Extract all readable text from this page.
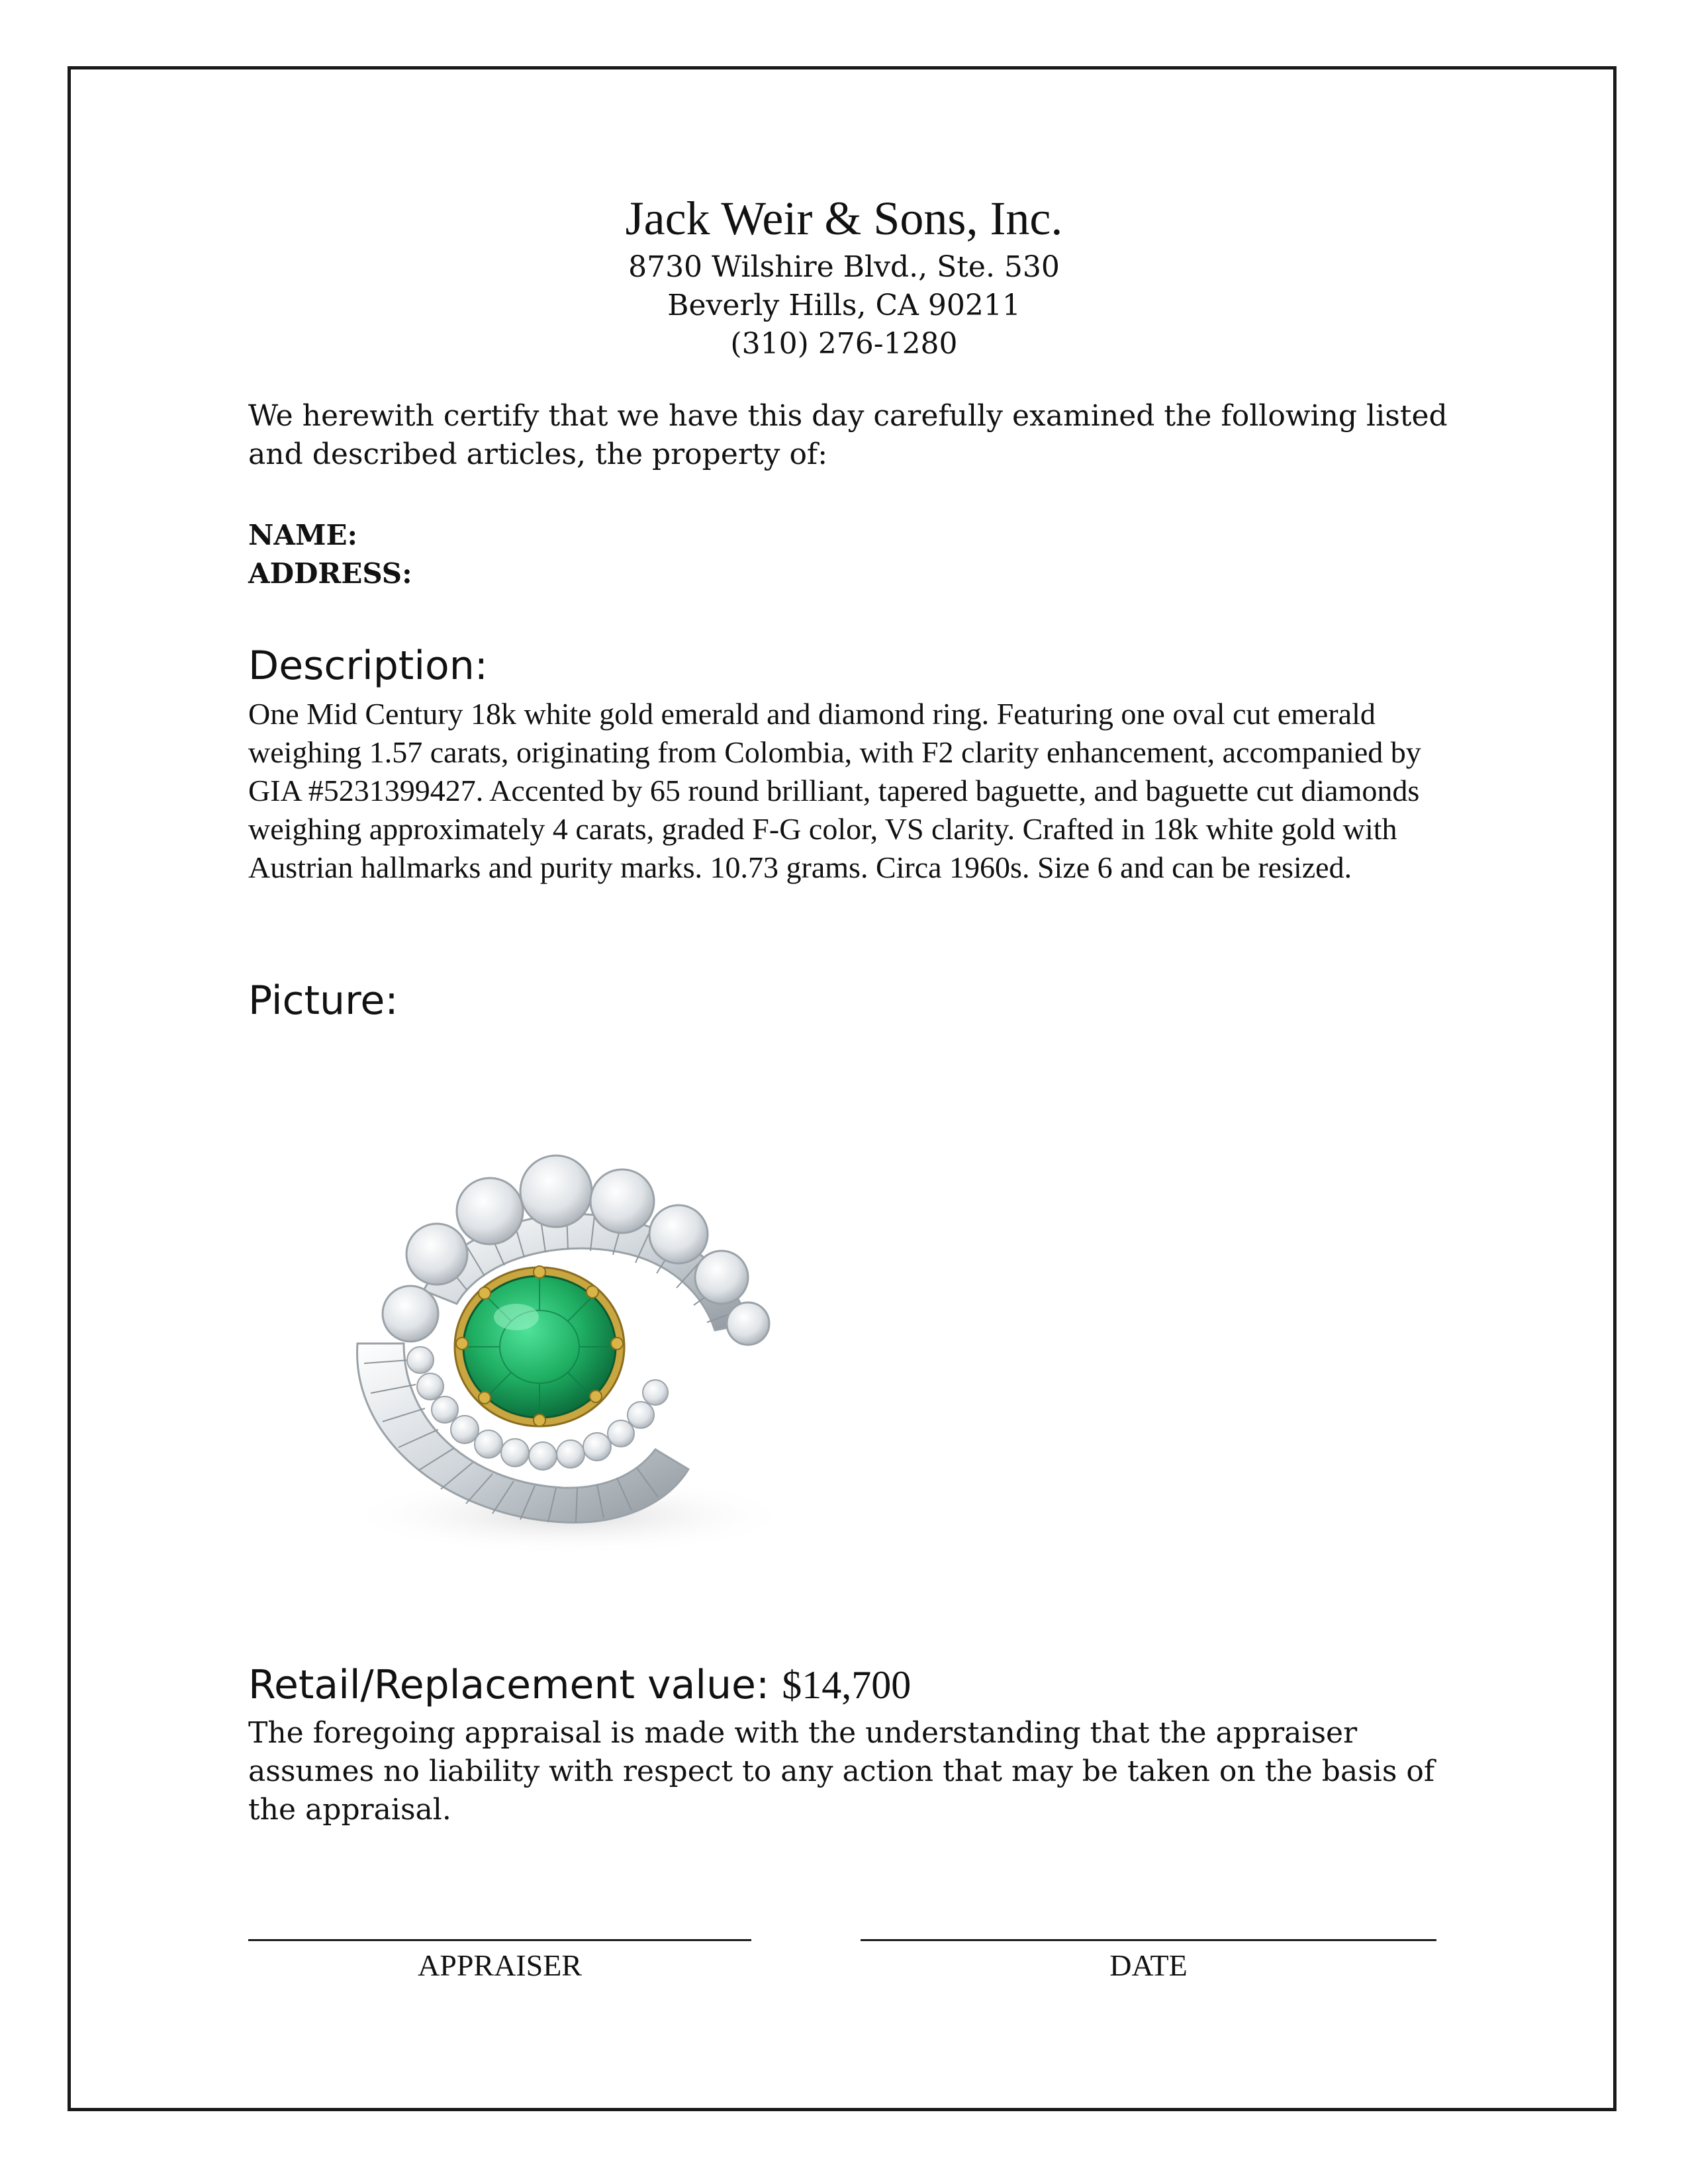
Jack Weir & Sons, Inc.
8730 Wilshire Blvd., Ste. 530
Beverly Hills, CA 90211
(310) 276-1280
We herewith certify that we have this day carefully examined the following listed and described articles, the property of:
NAME:
ADDRESS:
Description:
One Mid Century 18k white gold emerald and diamond ring. Featuring one oval cut emerald weighing 1.57 carats, originating from Colombia, with F2 clarity enhancement, accompanied by GIA #5231399427. Accented by 65 round brilliant, tapered baguette, and baguette cut diamonds weighing approximately 4 carats, graded F-G color, VS clarity. Crafted in 18k white gold with Austrian hallmarks and purity marks. 10.73 grams. Circa 1960s. Size 6 and can be resized.
Picture:
Retail/Replacement value: $14,700
The foregoing appraisal is made with the understanding that the appraiser assumes no liability with respect to any action that may be taken on the basis of the appraisal.
APPRAISER	DATE
